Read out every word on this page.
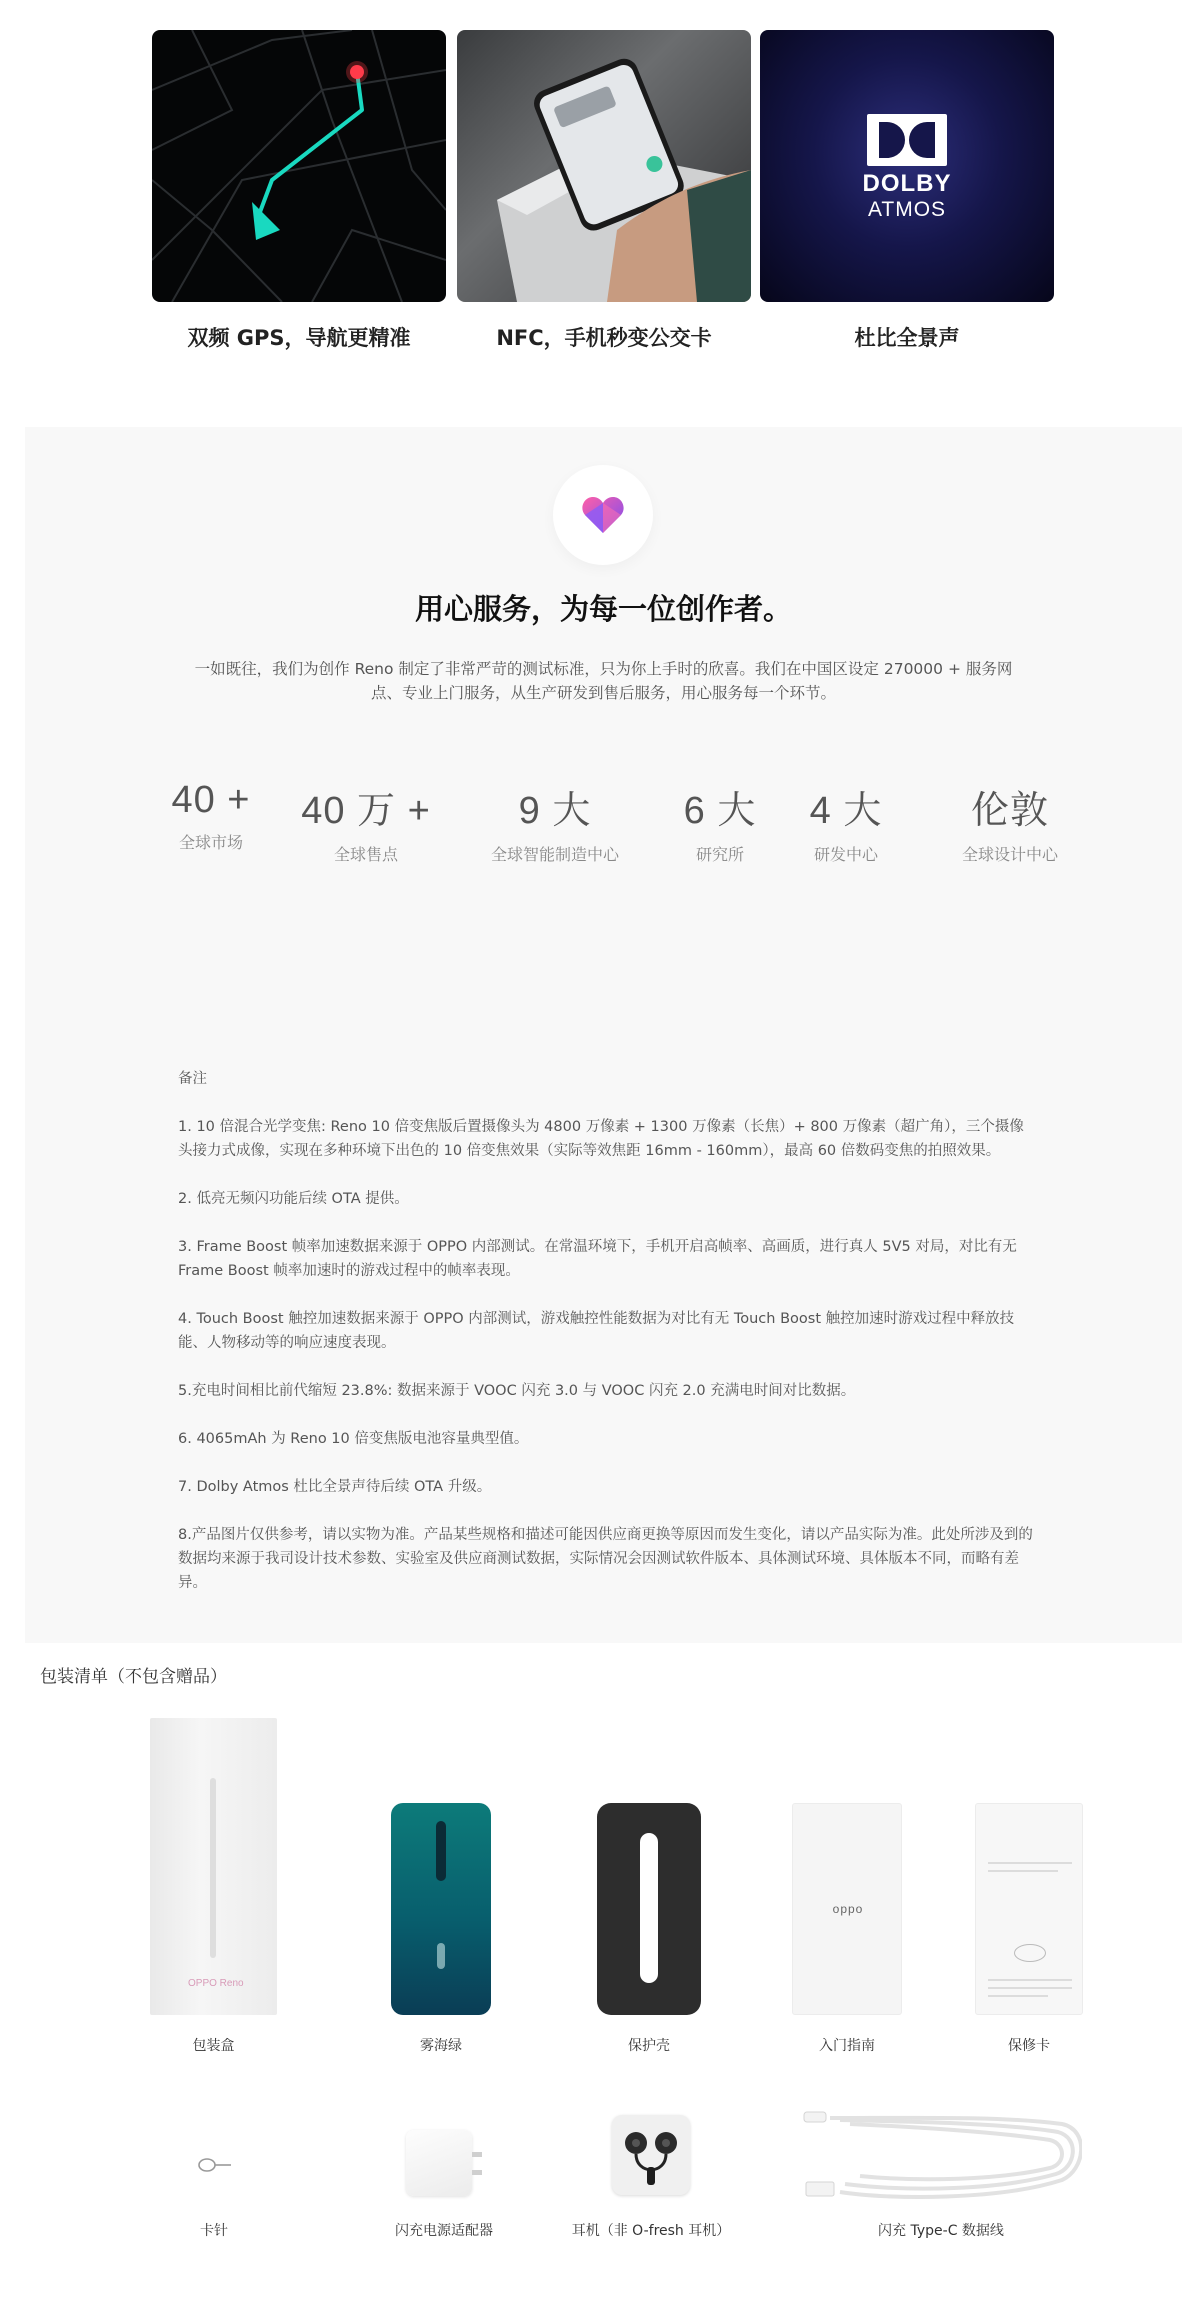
双频 GPS，导航更精准	NFC，手机秒变公交卡
DOLBY
ATMOS
杜比全景声
用心服务，为每一位创作者。
一如既往，我们为创作 Reno 制定了非常严苛的测试标准，只为你上手时的欣喜。我们在中国区设定 270000 + 服务网点、专业上门服务，从生产研发到售后服务，用心服务每一个环节。
40 +
全球市场
40 万 +
全球售点
9 大
全球智能制造中心
6 大
研究所
4 大
研发中心
伦敦
全球设计中心
备注

1. 10 倍混合光学变焦: Reno 10 倍变焦版后置摄像头为 4800 万像素 + 1300 万像素（长焦）+ 800 万像素（超广角），三个摄像头接力式成像，实现在多种环境下出色的 10 倍变焦效果（实际等效焦距 16mm - 160mm），最高 60 倍数码变焦的拍照效果。

2. 低亮无频闪功能后续 OTA 提供。

3. Frame Boost 帧率加速数据来源于 OPPO 内部测试。在常温环境下，手机开启高帧率、高画质，进行真人 5V5 对局，对比有无 Frame Boost 帧率加速时的游戏过程中的帧率表现。

4. Touch Boost 触控加速数据来源于 OPPO 内部测试，游戏触控性能数据为对比有无 Touch Boost 触控加速时游戏过程中释放技能、人物移动等的响应速度表现。

5.充电时间相比前代缩短 23.8%: 数据来源于 VOOC 闪充 3.0 与 VOOC 闪充 2.0 充满电时间对比数据。

6. 4065mAh 为 Reno 10 倍变焦版电池容量典型值。

7. Dolby Atmos 杜比全景声待后续 OTA 升级。

8.产品图片仅供参考，请以实物为准。产品某些规格和描述可能因供应商更换等原因而发生变化，请以产品实际为准。此处所涉及到的数据均来源于我司设计技术参数、实验室及供应商测试数据，实际情况会因测试软件版本、具体测试环境、具体版本不同，而略有差异。

包装清单（不包含赠品）
OPPO Reno
包装盒	雾海绿	保护壳
oppo
入门指南	保修卡
卡针	闪充电源适配器	耳机（非 O-fresh 耳机）	闪充 Type-C 数据线
